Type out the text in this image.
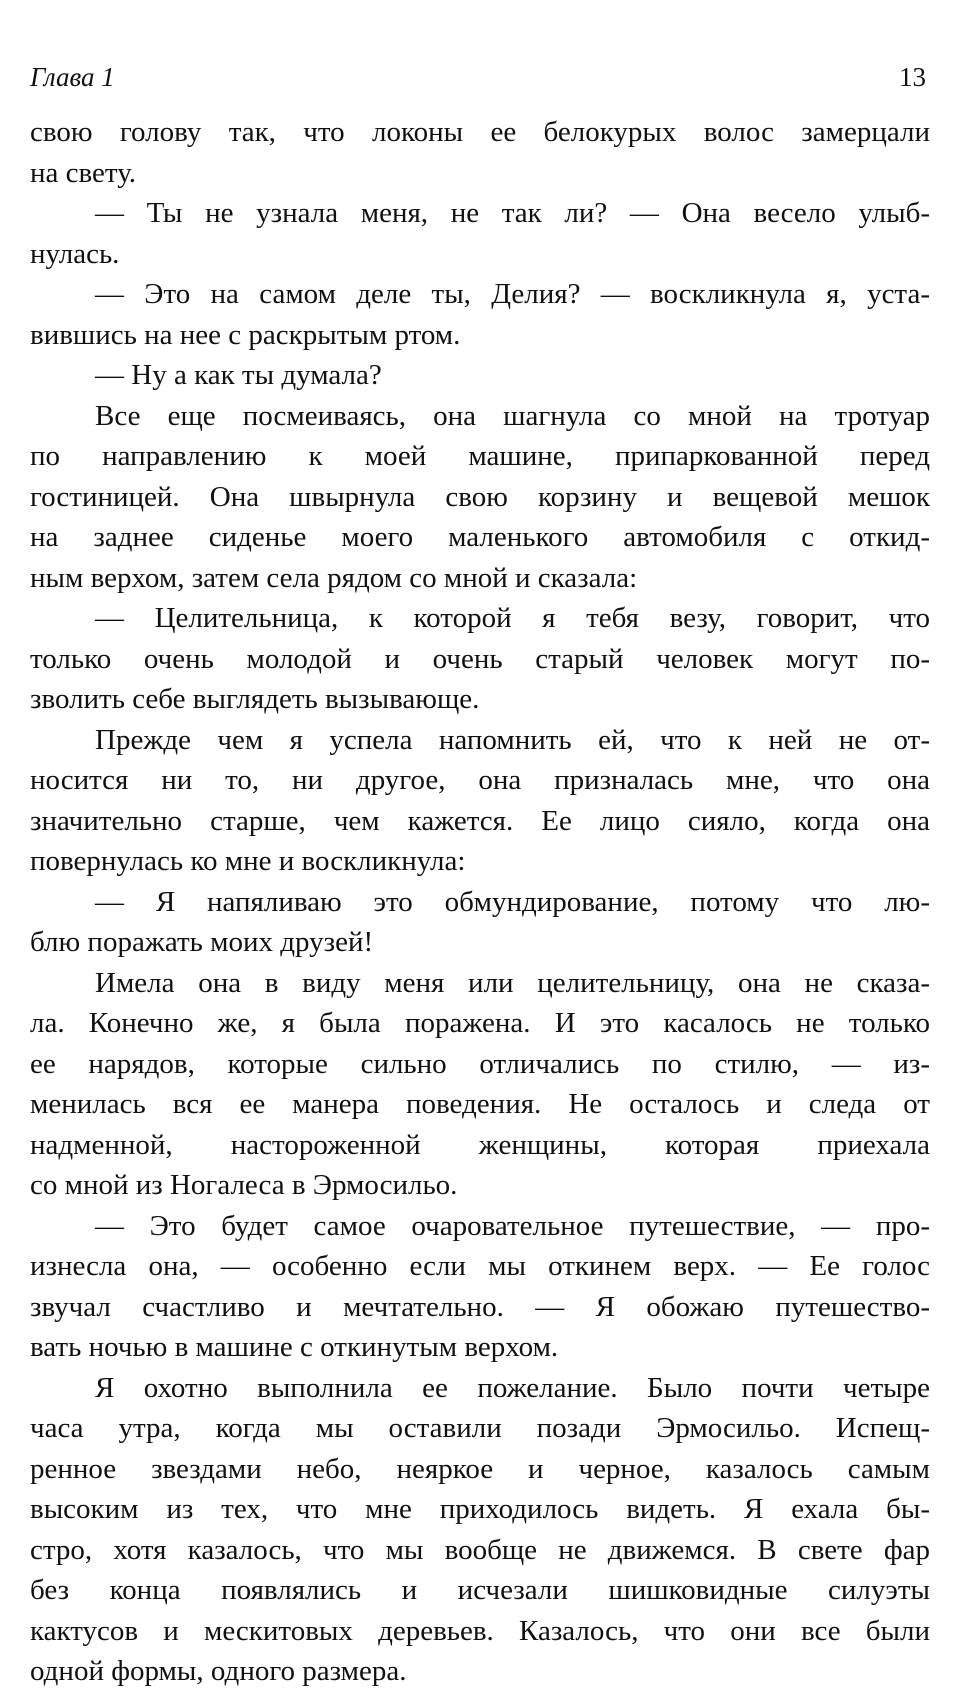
Глава 1	13
свою голову так, что локоны ее белокурых волос замерцали
на свету.
— Ты не узнала меня, не так ли? — Она весело улыб-
нулась.
— Это на самом деле ты, Делия? — воскликнула я, уста-
вившись на нее с раскрытым ртом.
— Ну а как ты думала?
Все еще посмеиваясь, она шагнула со мной на тротуар
по направлению к моей машине, припаркованной перед
гостиницей. Она швырнула свою корзину и вещевой мешок
на заднее сиденье моего маленького автомобиля с откид-
ным верхом, затем села рядом со мной и сказала:
— Целительница, к которой я тебя везу, говорит, что
только очень молодой и очень старый человек могут по-
зволить себе выглядеть вызывающе.
Прежде чем я успела напомнить ей, что к ней не от-
носится ни то, ни другое, она призналась мне, что она
значительно старше, чем кажется. Ее лицо сияло, когда она
повернулась ко мне и воскликнула:
— Я напяливаю это обмундирование, потому что лю-
блю поражать моих друзей!
Имела она в виду меня или целительницу, она не сказа-
ла. Конечно же, я была поражена. И это касалось не только
ее нарядов, которые сильно отличались по стилю, — из-
менилась вся ее манера поведения. Не осталось и следа от
надменной, настороженной женщины, которая приехала
со мной из Ногалеса в Эрмосильо.
— Это будет самое очаровательное путешествие, — про-
изнесла она, — особенно если мы откинем верх. — Ее голос
звучал счастливо и мечтательно. — Я обожаю путешество-
вать ночью в машине с откинутым верхом.
Я охотно выполнила ее пожелание. Было почти четыре
часа утра, когда мы оставили позади Эрмосильо. Испещ-
ренное звездами небо, неяркое и черное, казалось самым
высоким из тех, что мне приходилось видеть. Я ехала бы-
стро, хотя казалось, что мы вообще не движемся. В свете фар
без конца появлялись и исчезали шишковидные силуэты
кактусов и мескитовых деревьев. Казалось, что они все были
одной формы, одного размера.
